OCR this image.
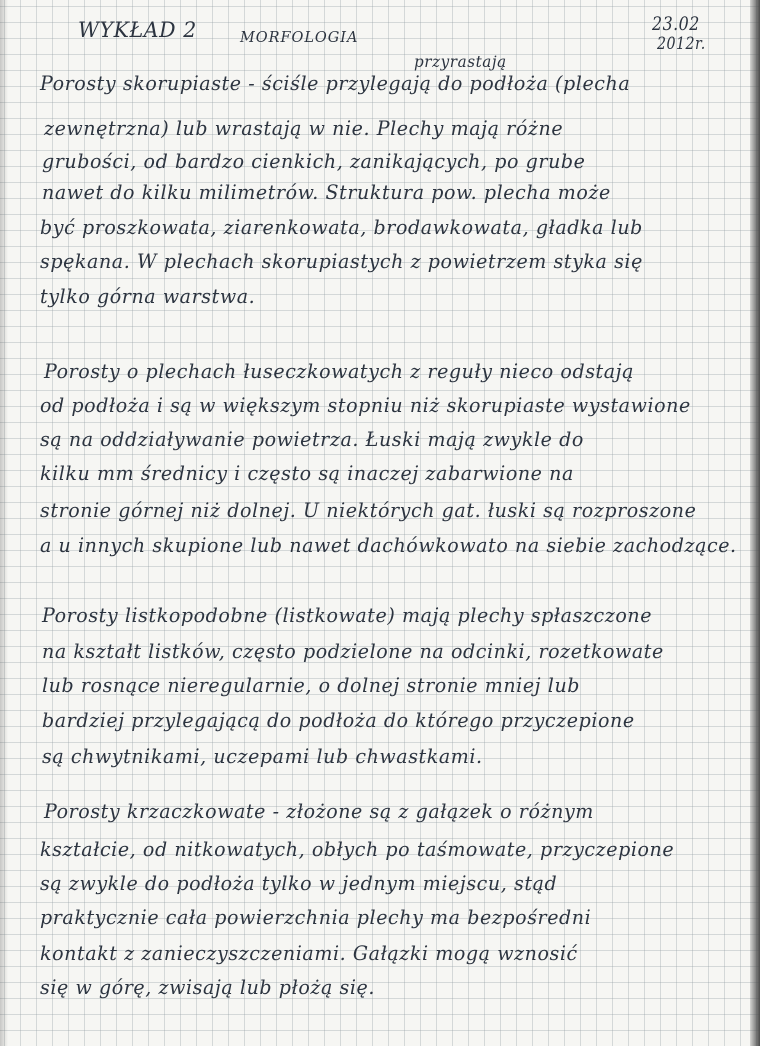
WYKŁAD 2	MORFOLOGIA
23.02
2012r.
przyrastają
Porosty skorupiaste - ściśle przylegają do podłoża (plecha
zewnętrzna) lub wrastają w nie. Plechy mają różne
grubości, od bardzo cienkich, zanikających, po grube
nawet do kilku milimetrów. Struktura pow. plecha może
być proszkowata, ziarenkowata, brodawkowata, gładka lub
spękana. W plechach skorupiastych z powietrzem styka się
tylko górna warstwa.
Porosty o plechach łuseczkowatych z reguły nieco odstają
od podłoża i są w większym stopniu niż skorupiaste wystawione
są na oddziaływanie powietrza. Łuski mają zwykle do
kilku mm średnicy i często są inaczej zabarwione na
stronie górnej niż dolnej. U niektórych gat. łuski są rozproszone
a u innych skupione lub nawet dachówkowato na siebie zachodzące.
Porosty listkopodobne (listkowate) mają plechy spłaszczone
na kształt listków, często podzielone na odcinki, rozetkowate
lub rosnące nieregularnie, o dolnej stronie mniej lub
bardziej przylegającą do podłoża do którego przyczepione
są chwytnikami, uczepami lub chwastkami.
Porosty krzaczkowate - złożone są z gałązek o różnym
kształcie, od nitkowatych, obłych po taśmowate, przyczepione
są zwykle do podłoża tylko w jednym miejscu, stąd
praktycznie cała powierzchnia plechy ma bezpośredni
kontakt z zanieczyszczeniami. Gałązki mogą wznosić
się w górę, zwisają lub płożą się.
